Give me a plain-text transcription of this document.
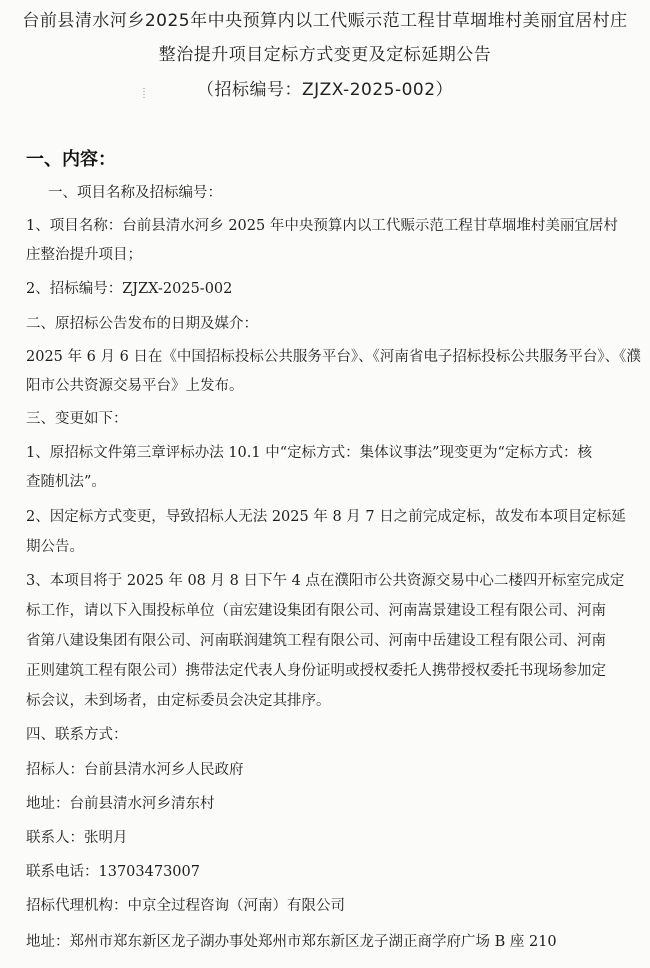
台前县清水河乡2025年中央预算内以工代赈示范工程甘草堌堆村美丽宜居村庄
整治提升项目定标方式变更及定标延期公告
（招标编号：ZJZX-2025-002）
一、内容：
一、项目名称及招标编号：
1、项目名称：台前县清水河乡 2025 年中央预算内以工代赈示范工程甘草堌堆村美丽宜居村
庄整治提升项目；
2、招标编号：ZJZX-2025-002
二、原招标公告发布的日期及媒介：
2025 年 6 月 6 日在《中国招标投标公共服务平台》、《河南省电子招标投标公共服务平台》、《濮
阳市公共资源交易平台》上发布。
三、变更如下：
1、原招标文件第三章评标办法 10.1 中“定标方式：集体议事法”现变更为“定标方式：核
查随机法”。
2、因定标方式变更，导致招标人无法 2025 年 8 月 7 日之前完成定标，故发布本项目定标延
期公告。
3、本项目将于 2025 年 08 月 8 日下午 4 点在濮阳市公共资源交易中心二楼四开标室完成定
标工作，请以下入围投标单位（亩宏建设集团有限公司、河南嵩景建设工程有限公司、河南
省第八建设集团有限公司、河南联润建筑工程有限公司、河南中岳建设工程有限公司、河南
正则建筑工程有限公司）携带法定代表人身份证明或授权委托人携带授权委托书现场参加定
标会议，未到场者，由定标委员会决定其排序。
四、联系方式：
招标人：台前县清水河乡人民政府
地址：台前县清水河乡清东村
联系人：张明月
联系电话：13703473007
招标代理机构：中京全过程咨询（河南）有限公司
地址：郑州市郑东新区龙子湖办事处郑州市郑东新区龙子湖正商学府广场 B 座 210
